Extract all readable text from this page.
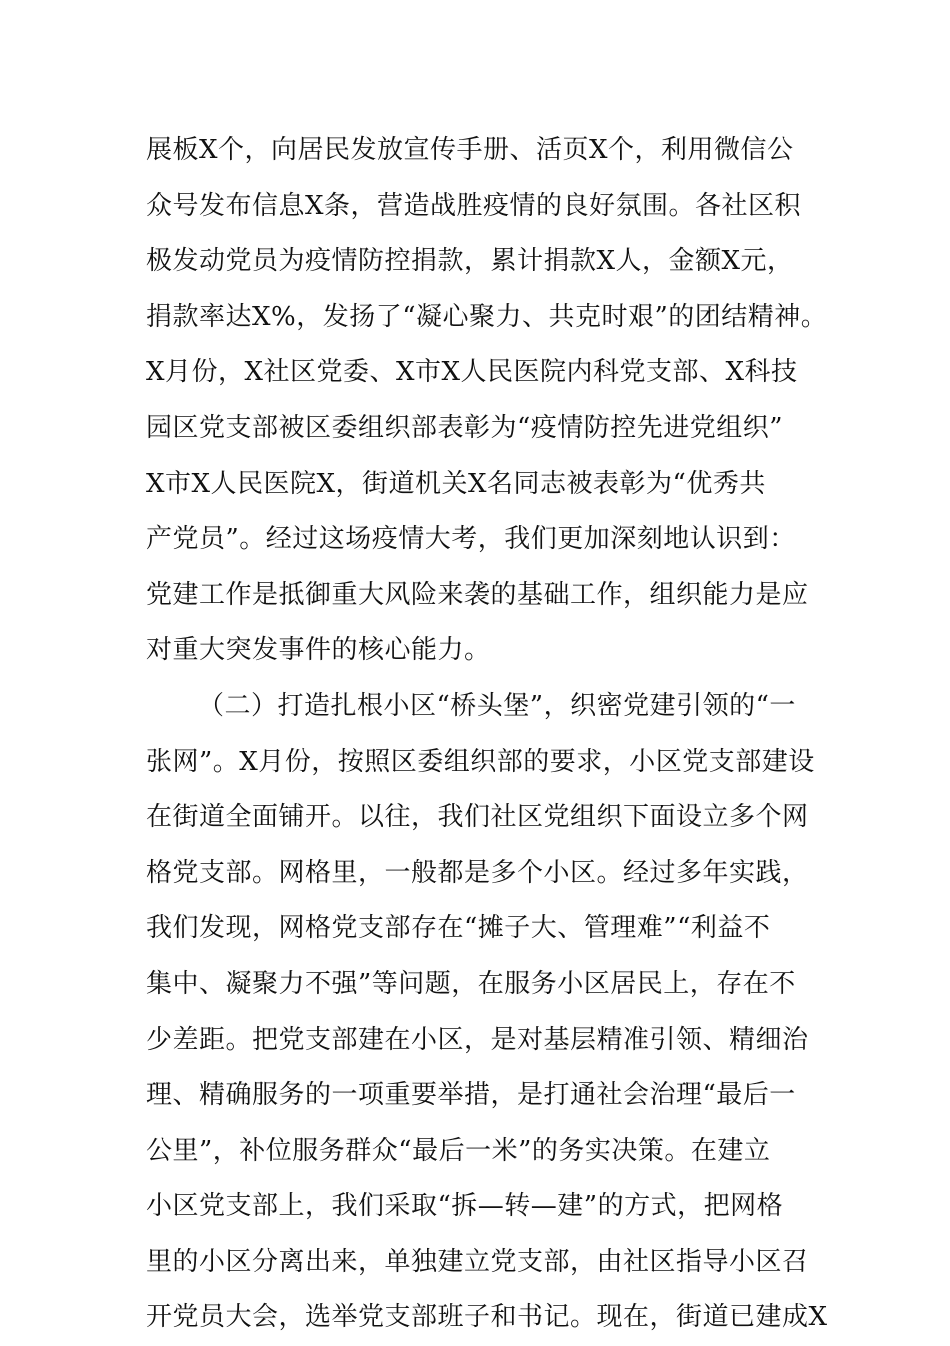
展板X个，向居民发放宣传手册、活页X个，利用微信公
众号发布信息X条，营造战胜疫情的良好氛围。各社区积
极发动党员为疫情防控捐款，累计捐款X人，金额X元，
捐款率达X%，发扬了“凝心聚力、共克时艰”的团结精神。
X月份，X社区党委、X市X人民医院内科党支部、X科技
园区党支部被区委组织部表彰为“疫情防控先进党组织”
X市X人民医院X，街道机关X名同志被表彰为“优秀共
产党员”。经过这场疫情大考，我们更加深刻地认识到：
党建工作是抵御重大风险来袭的基础工作，组织能力是应
对重大突发事件的核心能力。
（二）打造扎根小区“桥头堡”，织密党建引领的“一
张网”。X月份，按照区委组织部的要求，小区党支部建设
在街道全面铺开。以往，我们社区党组织下面设立多个网
格党支部。网格里，一般都是多个小区。经过多年实践，
我们发现，网格党支部存在“摊子大、管理难”“利益不
集中、凝聚力不强”等问题，在服务小区居民上，存在不
少差距。把党支部建在小区，是对基层精准引领、精细治
理、精确服务的一项重要举措，是打通社会治理“最后一
公里”，补位服务群众“最后一米”的务实决策。在建立
小区党支部上，我们采取“拆—转—建”的方式，把网格
里的小区分离出来，单独建立党支部，由社区指导小区召
开党员大会，选举党支部班子和书记。现在，街道已建成X
